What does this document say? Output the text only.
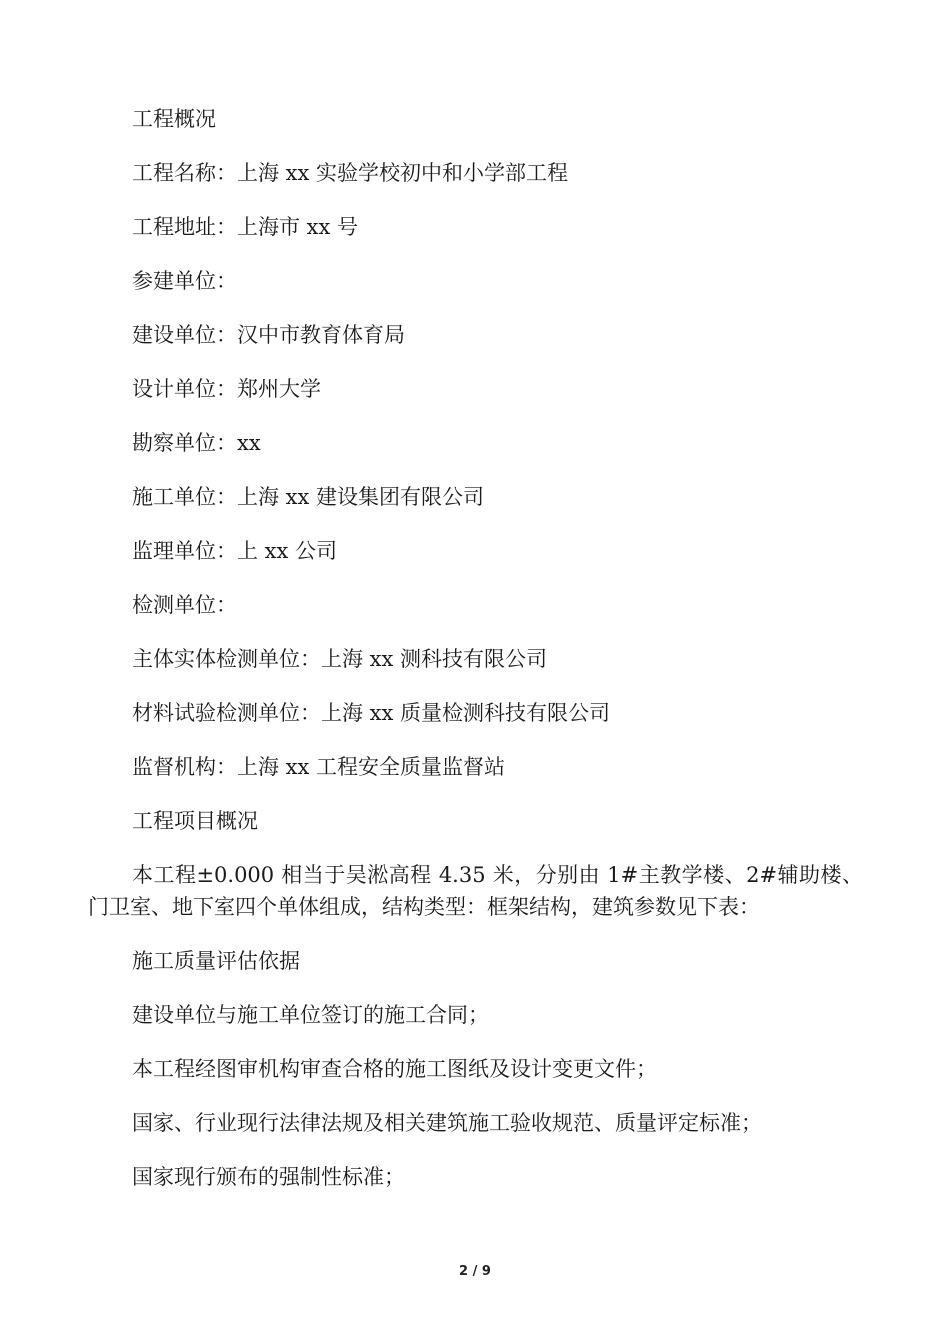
工程概况

工程名称：上海 xx 实验学校初中和小学部工程

工程地址：上海市 xx 号

参建单位：

建设单位：汉中市教育体育局

设计单位：郑州大学

勘察单位：xx

施工单位：上海 xx 建设集团有限公司

监理单位：上 xx 公司

检测单位：

主体实体检测单位：上海 xx 测科技有限公司

材料试验检测单位：上海 xx 质量检测科技有限公司

监督机构：上海 xx 工程安全质量监督站

工程项目概况

本工程±0.000 相当于吴淞高程 4.35 米，分别由 1#主教学楼、2#辅助楼、门卫室、地下室四个单体组成，结构类型：框架结构，建筑参数见下表：

施工质量评估依据

建设单位与施工单位签订的施工合同；

本工程经图审机构审查合格的施工图纸及设计变更文件；

国家、行业现行法律法规及相关建筑施工验收规范、质量评定标准；

国家现行颁布的强制性标准；

2 / 9
